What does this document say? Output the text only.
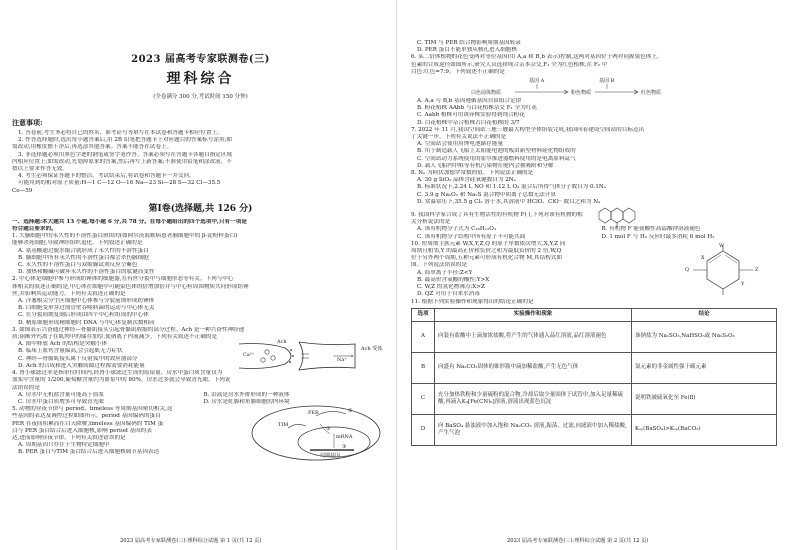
2023 届高考专家联测卷(三)
理科综合
(全卷满分 300 分,考试时间 150 分钟)
注意事项:
1. 答卷前,考生务必将自己的姓名、准考证号等填写在本试卷和答题卡相应位置上。
2. 作答选择题时,选出每小题答案后,用 2B 铅笔把答题卡上对应题目的答案标号涂黑;如
需改动,用橡皮擦干净后,再选涂其他答案。答案不能答在试卷上。
3. 非选择题必须用黑色字迹的钢笔或签字笔作答。答案必须写在答题卡各题目指定区域
内相应位置上;如需改动,先划掉原来的答案,然后再写上新答案;不准使用铅笔和涂改液。不
按以上要求作答无效。
4. 考生必须保证答题卡的整洁。考试结束后,将试卷和答题卡一并交回。
可能用到的相对原子质量:H—1 C—12 O—16 Na—23 Si—28 S—32 Cl—35.5
Co—59
第Ⅰ卷(选择题,共 126 分)
一、选择题:本大题共 13 小题,每小题 6 分,共 78 分。在每小题给出的四个选项中,只有一项是
符合题目要求的。
1. 大脑细胞中的永久性的不溶性蛋白斑块的(如阿尔茨海默病患者脑细胞中的 β-淀粉样蛋白)
能够杀死细胞,导致神经组织退化。下列叙述正确的是
A. 氨基酸通过脱水缩合就形成了永久性的不溶性蛋白
B. 脑细胞中所有永久性的不溶性蛋白都会杀伤脑细胞
C. 永久性的不溶性蛋白与双缩脲试剂反应呈紫色
D. 加热和酸碱可破坏永久性的不溶性蛋白的肽键而变性
2. 中心体是细胞中参与形成纺锤体的细胞器,在有丝分裂中与细胞形态等有关。下列与中心
体相关的叙述正确的是,中心体在细胞中可随染色体的倍增加倍并与中心粒周围物质共同形成纺锤
丝,并影响其运动能力。下列有关叙述正确的是
A. 洋葱根尖分生区细胞中心体参与分裂前期形成纺锤体
B. 白细胞变形穿过血管壁吞噬病菌的运动与中心体无关
C. 在分裂间期复制后形成由四个中心粒组成的中心体
D. 精原细胞形成精细胞时 DNA 与中心体复制次数相同
3. 如图表示兴奋通过神经—骨骼肌接头引起骨骼肌收缩的部分过程。Ach 是一种兴奋性神经递
质;阻断外钙离子在肌肉中的储存加厚,使钠离子内流减少。下列有关叙述不正确的是
A. 图中释放 Ach 的结构是突触小体
B. 临床上血钙含量偏高,会引起肌无力症状
C. 神经—骨骼肌接头属于反射弧中的效应器部分
D. Ach 的合成和进入突触间隙过程都需要消耗能量
Ach 受体
Na⁺
Ach
Ca²⁺
4. 肾小球滤过率是指单位时间内,经肾小球滤过生成的原尿量。房水中蛋白质含量仅为
血浆中含量的 1/200,葡萄糖含量约为血浆中的 80%。房水过多就会导致青光眼。下列说
法错误的是
A. 房水中无机盐含量可能高于血浆	B. 泪液是房水外排形成的一种液体
C. 房水中蛋白质增多可导致青光眼	D. 房水是虹膜和角膜细胞的内环境
5. 动物的昼夜节律与 period、timeless 等周期基因密切相关,这
些基因的表达及调控过程如图所示。period 基因编码的蛋白
PER 在夜间积累而在白天降解,timeless 基因编码的 TIM 蛋
白与 PER 蛋白结合后进入细胞核,影响 period 基因的表
达,进而影响昼夜节律。下列有关叙述错误的是
A. 周期基因只存在于生物特定细胞中
B. PER 蛋白与TIM 蛋白结合后进入细胞核调节基因表达
PER
TIM
mRNA
周期基因
①
②
③
2023 届高考专家联测卷(三)·理科综合试题 第 1 页(共 12 页)
C. TIM 与 PER 结合物影响周期基因转录
D. PER 蛋白不能单独从核孔进入细胞核
6. 某二倍体植物的花色受两对等位基因(用 A,a 和 B,b 表示)控制,这两对基因位于两对同源染色体上,
色素的合成途径如图所示,研究人员选择纯合亲本杂交,F₁ 全为红色植株,在 F₂ 中
白色:红色=7:9。下列叙述不正确的是
基因 A	基因 B
白色前体物质	粉色物质	红色物质
A. A,a 与 B,b 基因遵循基因自由组合定律
B. 粉花植株 AAbb 与白花植株杂交 F₁ 全为红花
C. Aabb 植株可用该异株实验得到纯合粉花
D. 白花植株中杂合植株占白花植株的 3/7
7. 2022 年 11 月,我国空间站三舱三艘最大构型全体组装完成,我国向着建设空间站的目标迈出
了关键一步。下列有关说法不正确的是
A. 空间站会使用用锂电池储存能量
B. 用于制造载人飞船上太阳能电池的板由新型材料硅化物组成的
C. 空间站动力系统使用的霍尔推进器燃料使用的是电离原料氙气
D. 载人飞船内甲醛等有机污染物在舱内会被吸附和分解
8. Nₐ 为阿伏加德罗常数的值。下列说法正确的是
A. 30 g SiO₂ 晶体含硅氧键数目为 2Nₐ
B. 标准状况下,2.24 L NO 和 1.12 L O₂ 混合后所得气体分子数目为 0.1Nₐ
C. 3.9 g Na₂O₂ 和 Na₂S 混合物中阴离子总数无法计算
D. 常温常压下,35.5 g Cl₂ 溶于水,其溶液中 HClO、ClO⁻ 数目之和为 Nₐ
9. 我国科学家合成了具有生物活性的有机物 F( ),下列对该有机物的相
关分析说法的是
A. 该有机物分子式为 C₁₆H₁₂O₃	B. 有机物 F 能使酸性高锰酸钾溶液褪色
C. 该有机物分子结构中所有原子不可能共面	D. 1 mol F 与 H₂ 反应时最多消耗 6 mol H₂
10. 短周期主族元素 W,X,Y,Z,Q 的原子序数依次增大,X,Y,Z 同
周期且相邻,Y 的最高正价和负价之和为最低负价的 2 倍,W,Q
位于另外两个周期,五种元素可形成有机化合物 M,其结构式如
图。下列说法错误的是
A. 简单离子半径:Z<Y
B. 最高价含氧酸的酸性:Y>X
C. W,Z 的氢化物沸点:X>Z
D. QZ 可用于自来水消毒
W
Q	Z
X
Y
11. 根据下列实验操作和现象得出的结论正确的是
选项	实验操作和现象	结论
A	向装有盐酸中上滴加浓盐酸,将产生的气体通入品红溶液,品红溶液褪色	该钠盐为 Na₂SO₃,NaHSO₃或 Na₂S₂O₃
B	向盛有 Na₂CO₃固体的锥形瓶中滴加稀盐酸,产生无色气体	氯元素的非金属性强于碳元素
C	充分加热铁粉和少量硫粉的混合物,冷却后取少量固体于试管中,加入足量稀硫酸,再滴入K₃[Fe(CN)₆]溶液,溶液出现蓝色沉淀	说明铁被硫氧化至 Fe(Ⅱ)
D	向 BaSO₄ 悬浊液中加入饱和 Na₂CO₃ 溶液,振荡、过滤,向滤液中加入稀盐酸,产生气泡	Kₛₚ(BaSO₄)>Kₛₚ(BaCO₃)
2023 届高考专家联测卷(三)·理科综合试题 第 2 页(共 12 页)
